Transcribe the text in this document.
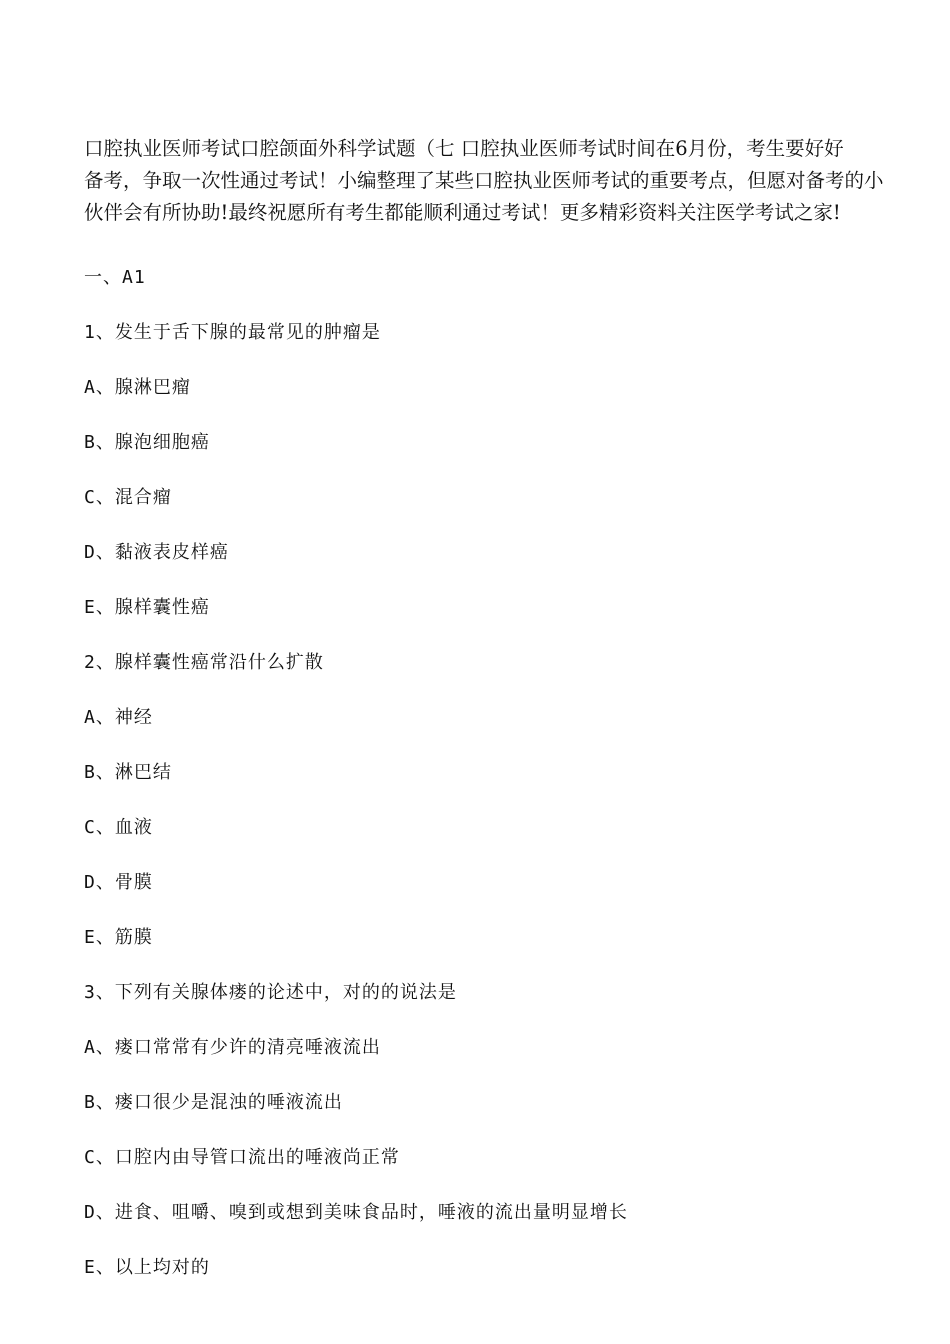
口腔执业医师考试口腔颌面外科学试题（七 口腔执业医师考试时间在6月份，考生要好好
备考，争取一次性通过考试！小编整理了某些口腔执业医师考试的重要考点，但愿对备考的小
伙伴会有所协助!最终祝愿所有考生都能顺利通过考试！更多精彩资料关注医学考试之家!
一、A1
1、发生于舌下腺的最常见的肿瘤是
A、腺淋巴瘤
B、腺泡细胞癌
C、混合瘤
D、黏液表皮样癌
E、腺样囊性癌
2、腺样囊性癌常沿什么扩散
A、神经
B、淋巴结
C、血液
D、骨膜
E、筋膜
3、下列有关腺体瘘的论述中，对的的说法是
A、瘘口常常有少许的清亮唾液流出
B、瘘口很少是混浊的唾液流出
C、口腔内由导管口流出的唾液尚正常
D、进食、咀嚼、嗅到或想到美味食品时，唾液的流出量明显增长
E、以上均对的
